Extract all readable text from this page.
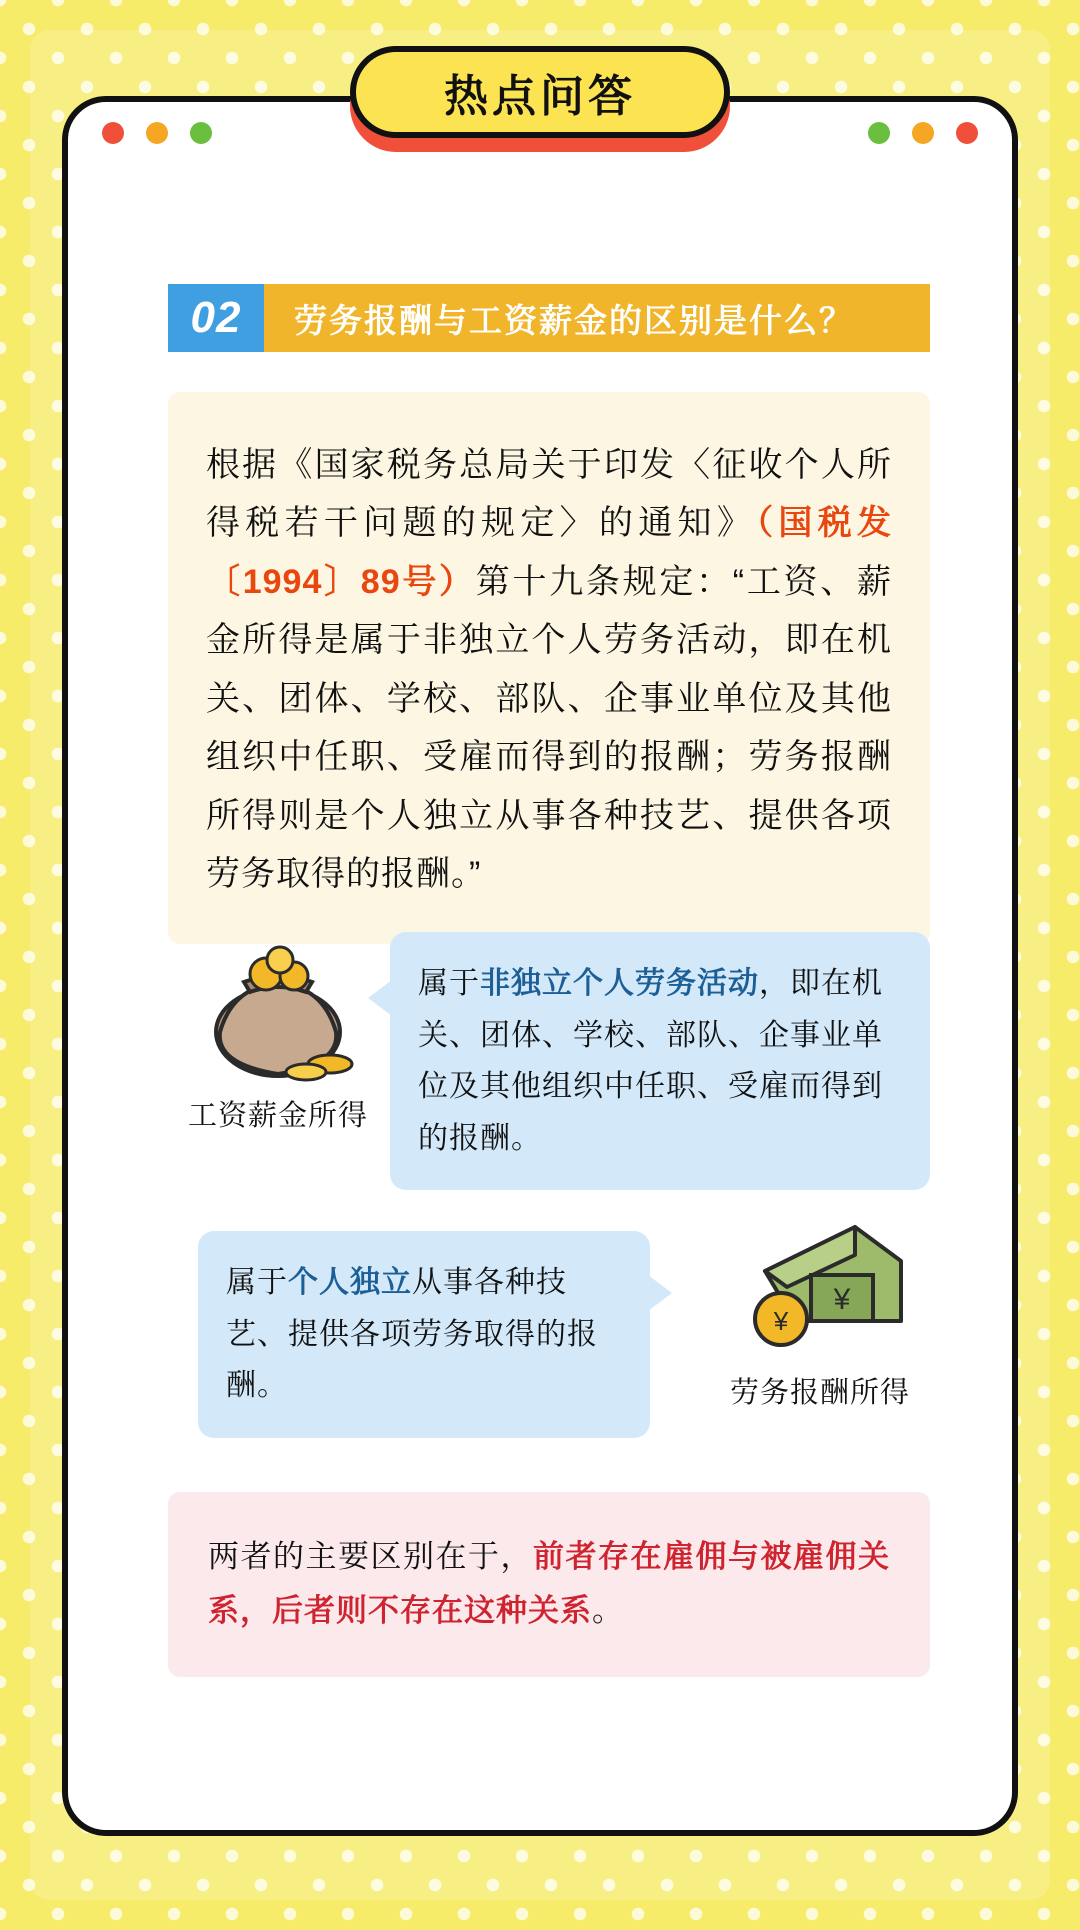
02	劳务报酬与工资薪金的区别是什么？
根据《国家税务总局关于印发〈征收个人所得税若干问题的规定〉的通知》（国税发〔1994〕89号）第十九条规定：“工资、薪金所得是属于非独立个人劳务活动，即在机关、团体、学校、部队、企事业单位及其他组织中任职、受雇而得到的报酬；劳务报酬所得则是个人独立从事各种技艺、提供各项劳务取得的报酬。”
工资薪金所得
属于非独立个人劳务活动，即在机关、团体、学校、部队、企事业单位及其他组织中任职、受雇而得到的报酬。
属于个人独立从事各种技艺、提供各项劳务取得的报酬。
¥
¥
劳务报酬所得
两者的主要区别在于，前者存在雇佣与被雇佣关系，后者则不存在这种关系。
热点问答
